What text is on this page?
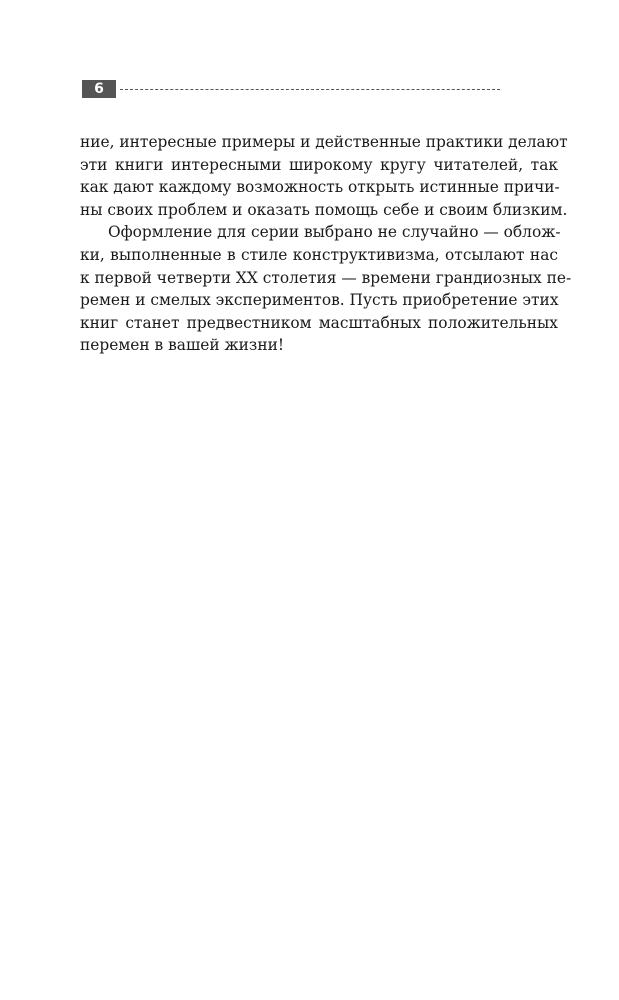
6
ние, интересные примеры и действенные практики делают
эти книги интересными широкому кругу читателей, так
как дают каждому возможность открыть истинные причи-
ны своих проблем и оказать помощь себе и своим близким.
Оформление для серии выбрано не случайно — облож-
ки, выполненные в стиле конструктивизма, отсылают нас
к первой четверти XX столетия — времени грандиозных пе-
ремен и смелых экспериментов. Пусть приобретение этих
книг станет предвестником масштабных положительных
перемен в вашей жизни!
